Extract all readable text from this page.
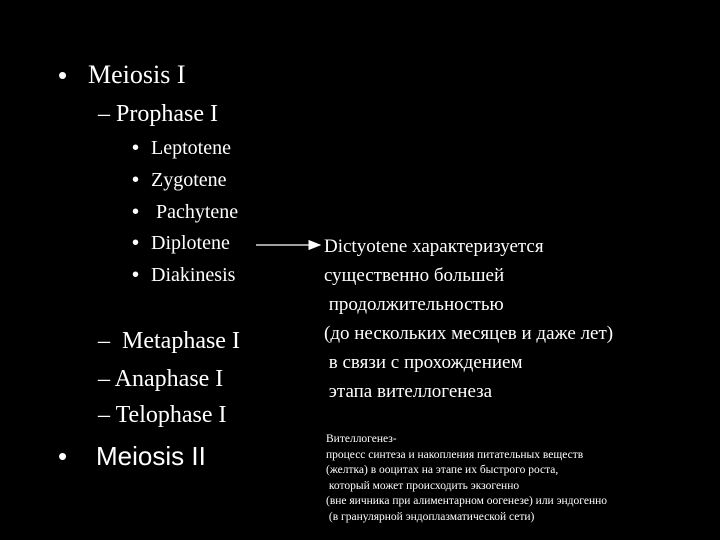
• Meiosis I
– Prophase I
• Leptotene
• Zygotene
• Pachytene
• Diplotene
• Diakinesis
–  Metaphase I
– Anaphase I
– Telophase I
• Meiosis II
Dictyotene характеризуется
существенно большей
продолжительностью
(до нескольких месяцев и даже лет)
в связи с прохождением
этапа вителлогенеза
Вителлогенез-
процесс синтеза и накопления питательных веществ
(желтка) в ооцитах на этапе их быстрого роста,
который может происходить экзогенно
(вне яичника при алиментарном оогенезе) или эндогенно
(в гранулярной эндоплазматической сети)
